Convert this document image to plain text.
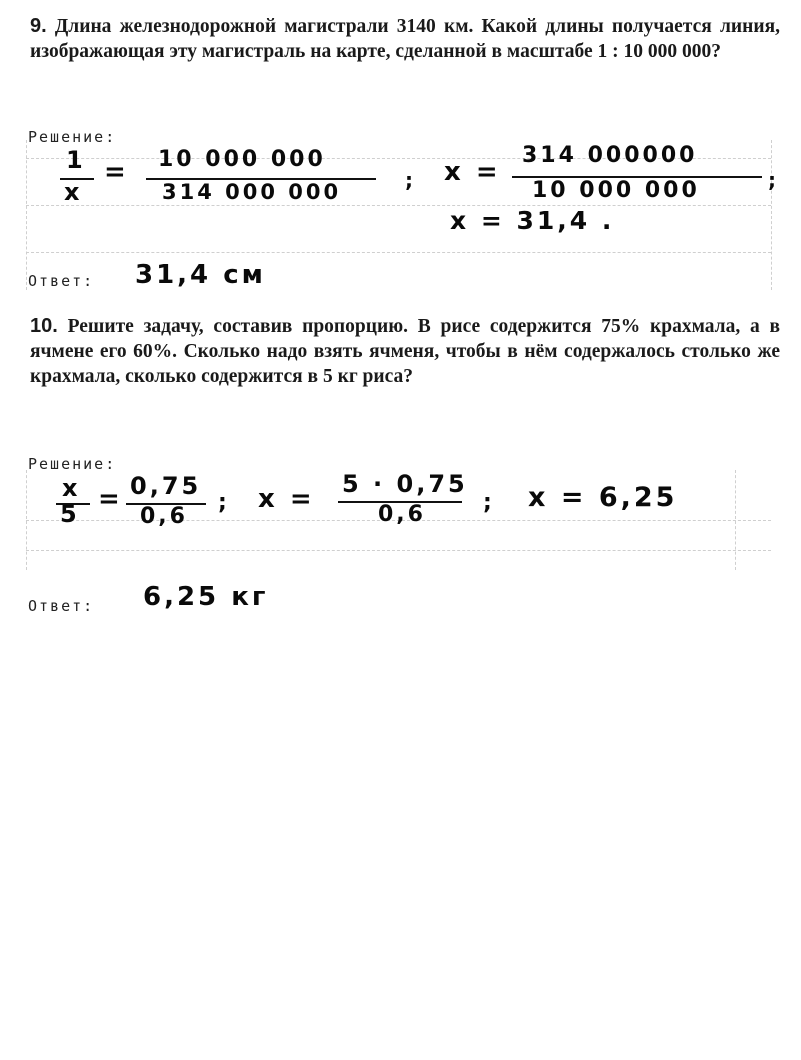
9. Длина железнодорожной магистрали 3140 км. Какой длины получается линия, изображающая эту магистраль на карте, сделанной в масштабе 1 : 10 000 000?
Решение:
1
x
= 10 000 000
314 000 000	; x =
314 000000
10 000 000	;
x = 31,4 .
Ответ: 31,4 см
10. Решите задачу, составив пропорцию. В рисе содержится 75% крахмала, а в ячмене его 60%. Сколько надо взять ячменя, чтобы в нём содержалось столько же крахмала, сколько содержится в 5 кг риса?
Решение:
x
5 = 0,75
0,6
; x = 5 · 0,75
0,6	; x = 6,25
Ответ: 6,25 кг
